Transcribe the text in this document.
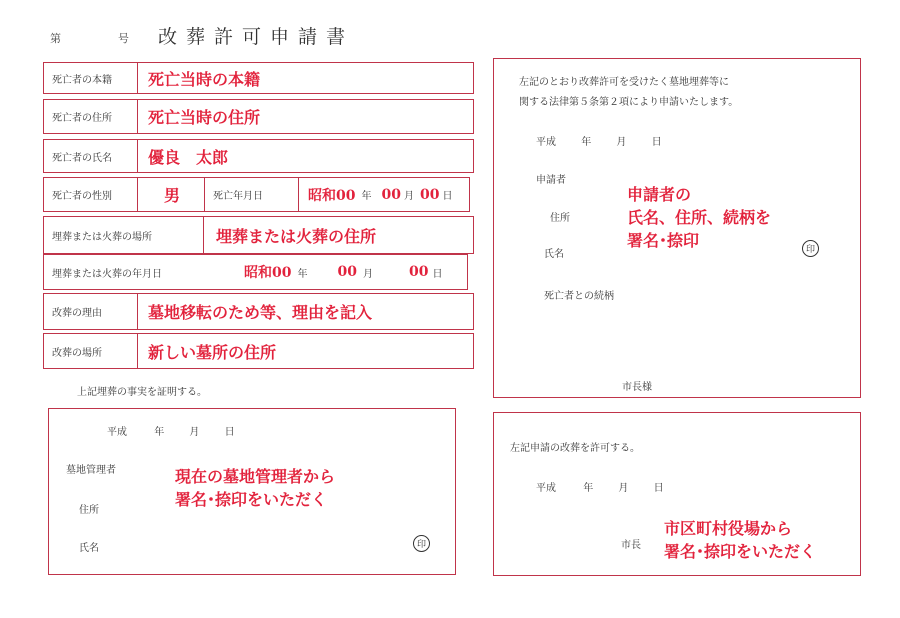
第	号 改葬許可申請書
死亡者の本籍	死亡当時の本籍
死亡者の住所	死亡当時の住所
死亡者の氏名	優良　太郎
死亡者の性別	男	死亡年月日	昭和00 年 00 月 00 日
埋葬または火葬の場所	埋葬または火葬の住所
埋葬または火葬の年月日	昭和00 年 00 月	00 日
改葬の理由	墓地移転のため等、理由を記入
改葬の場所	新しい墓所の住所
上記埋葬の事実を証明する。
平成	年	月	日
墓地管理者
住所
氏名
現在の墓地管理者から
署名･捺印をいただく
印
左記のとおり改葬許可を受けたく墓地埋葬等に
関する法律第５条第２項により申請いたします。
平成	年	月	日
申請者
住所
氏名
死亡者との続柄
申請者の
氏名、住所、続柄を
署名･捺印	印
市長様
左記申請の改葬を許可する。
平成	年	月	日
市長
市区町村役場から
署名･捺印をいただく
